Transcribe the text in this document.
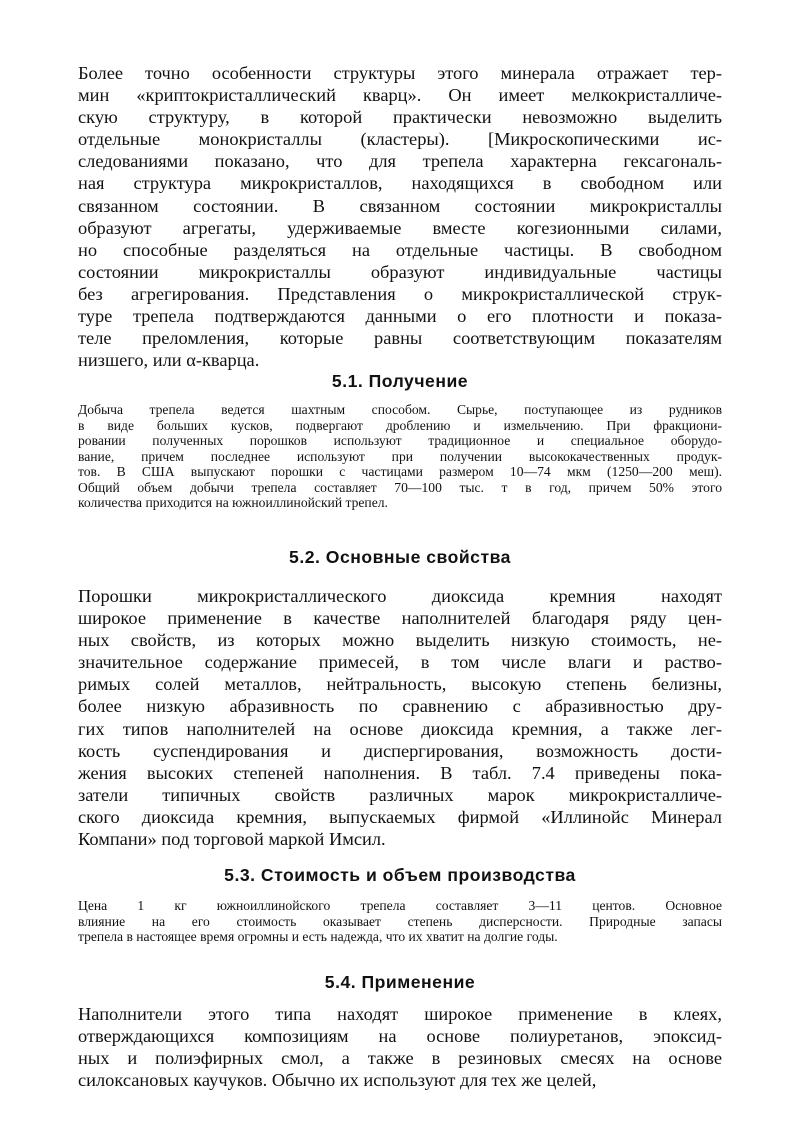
Более точно особенности структуры этого минерала отражает тер-
мин «криптокристаллический кварц». Он имеет мелкокристалличе-
скую структуру, в которой практически невозможно выделить
отдельные монокристаллы (кластеры). [Микроскопическими ис-
следованиями показано, что для трепела характерна гексагональ-
ная структура микрокристаллов, находящихся в свободном или
связанном состоянии. В связанном состоянии микрокристаллы
образуют агрегаты, удерживаемые вместе когезионными силами,
но способные разделяться на отдельные частицы. В свободном
состоянии микрокристаллы образуют индивидуальные частицы
без агрегирования. Представления о микрокристаллической струк-
туре трепела подтверждаются данными о его плотности и показа-
теле преломления, которые равны соответствующим показателям
низшего, или α-кварца.
5.1. Получение
Добыча трепела ведется шахтным способом. Сырье, поступающее из рудников
в виде больших кусков, подвергают дроблению и измельчению. При фракциони-
ровании полученных порошков используют традиционное и специальное оборудо-
вание, причем последнее используют при получении высококачественных продук-
тов. В США выпускают порошки с частицами размером 10—74 мкм (1250—200 меш).
Общий объем добычи трепела составляет 70—100 тыс. т в год, причем 50% этого
количества приходится на южноиллинойский трепел.
5.2. Основные свойства
Порошки микрокристаллического диоксида кремния находят
широкое применение в качестве наполнителей благодаря ряду цен-
ных свойств, из которых можно выделить низкую стоимость, не-
значительное содержание примесей, в том числе влаги и раство-
римых солей металлов, нейтральность, высокую степень белизны,
более низкую абразивность по сравнению с абразивностью дру-
гих типов наполнителей на основе диоксида кремния, а также лег-
кость суспендирования и диспергирования, возможность дости-
жения высоких степеней наполнения. В табл. 7.4 приведены пока-
затели типичных свойств различных марок микрокристалличе-
ского диоксида кремния, выпускаемых фирмой «Иллинойс Минерал
Компани» под торговой маркой Имсил.
5.3. Стоимость и объем производства
Цена 1 кг южноиллинойского трепела составляет 3—11 центов. Основное
влияние на его стоимость оказывает степень дисперсности. Природные запасы
трепела в настоящее время огромны и есть надежда, что их хватит на долгие годы.
5.4. Применение
Наполнители этого типа находят широкое применение в клеях,
отверждающихся композициям на основе полиуретанов, эпоксид-
ных и полиэфирных смол, а также в резиновых смесях на основе
силоксановых каучуков. Обычно их используют для тех же целей,
